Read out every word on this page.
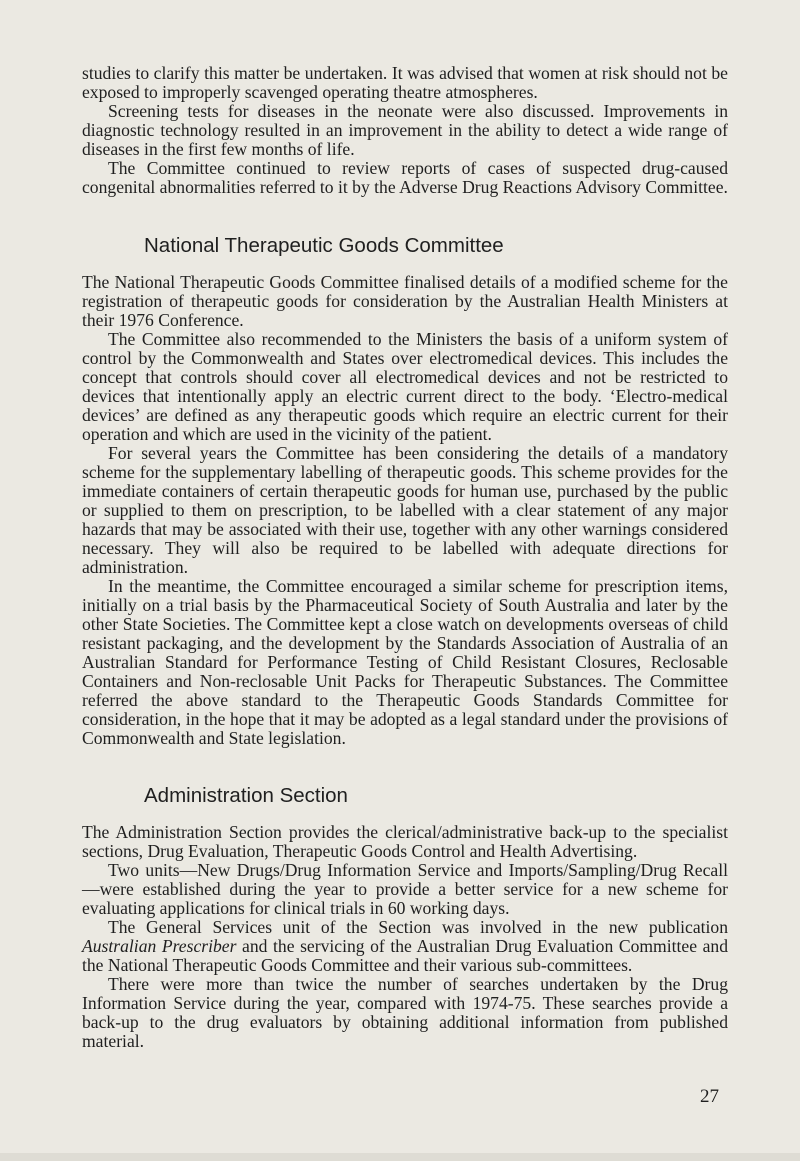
studies to clarify this matter be undertaken. It was advised that women at risk should not be exposed to improperly scavenged operating theatre atmospheres.

Screening tests for diseases in the neonate were also discussed. Improvements in diagnostic technology resulted in an improvement in the ability to detect a wide range of diseases in the first few months of life.

The Committee continued to review reports of cases of suspected drug-caused congenital abnormalities referred to it by the Adverse Drug Reactions Advisory Committee.

National Therapeutic Goods Committee

The National Therapeutic Goods Committee finalised details of a modified scheme for the registration of therapeutic goods for consideration by the Australian Health Ministers at their 1976 Conference.

The Committee also recommended to the Ministers the basis of a uniform system of control by the Commonwealth and States over electromedical devices. This includes the concept that controls should cover all electromedical devices and not be restricted to devices that intentionally apply an electric current direct to the body. ‘Electro-medical devices’ are defined as any therapeutic goods which require an electric current for their operation and which are used in the vicinity of the patient.

For several years the Committee has been considering the details of a mandatory scheme for the supplementary labelling of therapeutic goods. This scheme provides for the immediate containers of certain therapeutic goods for human use, purchased by the public or supplied to them on prescription, to be labelled with a clear statement of any major hazards that may be associated with their use, together with any other warnings considered necessary. They will also be required to be labelled with adequate directions for administration.

In the meantime, the Committee encouraged a similar scheme for prescription items, initially on a trial basis by the Pharmaceutical Society of South Australia and later by the other State Societies. The Committee kept a close watch on developments overseas of child resistant packaging, and the development by the Standards Association of Australia of an Australian Standard for Performance Testing of Child Resistant Closures, Reclosable Containers and Non-reclosable Unit Packs for Therapeutic Substances. The Committee referred the above standard to the Therapeutic Goods Standards Committee for consideration, in the hope that it may be adopted as a legal standard under the provisions of Commonwealth and State legislation.

Administration Section

The Administration Section provides the clerical/administrative back-up to the specialist sections, Drug Evaluation, Therapeutic Goods Control and Health Advertising.

Two units—New Drugs/Drug Information Service and Imports/Sampling/Drug Recall—were established during the year to provide a better service for a new scheme for evaluating applications for clinical trials in 60 working days.

The General Services unit of the Section was involved in the new publication Australian Prescriber and the servicing of the Australian Drug Evaluation Committee and the National Therapeutic Goods Committee and their various sub-committees.

There were more than twice the number of searches undertaken by the Drug Information Service during the year, compared with 1974-75. These searches provide a back-up to the drug evaluators by obtaining additional information from published material.

27
